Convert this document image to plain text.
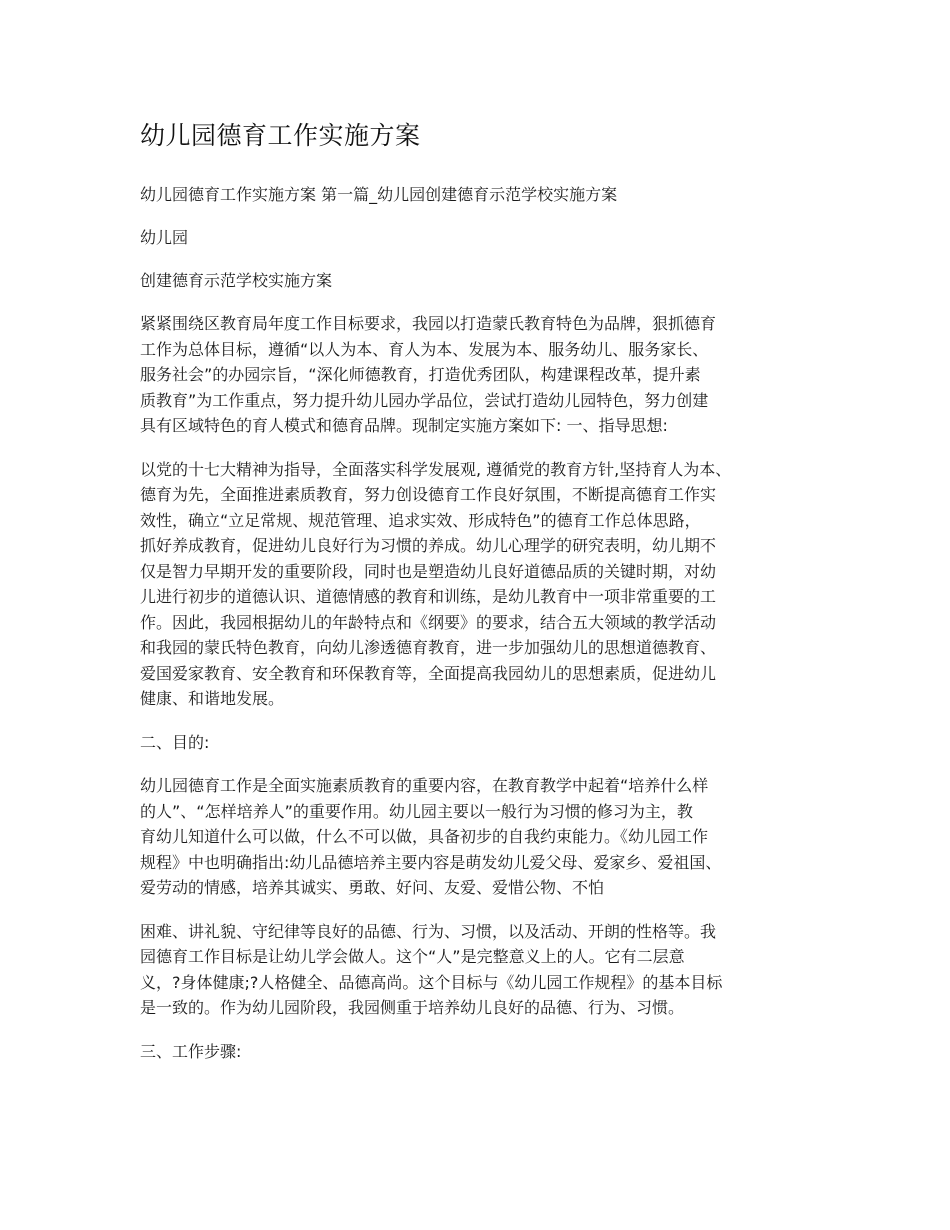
幼儿园德育工作实施方案
幼儿园德育工作实施方案 第一篇_幼儿园创建德育示范学校实施方案
幼儿园
创建德育示范学校实施方案
紧紧围绕区教育局年度工作目标要求，我园以打造蒙氏教育特色为品牌，狠抓德育
工作为总体目标，遵循“以人为本、育人为本、发展为本、服务幼儿、服务家长、
服务社会”的办园宗旨，“深化师德教育，打造优秀团队，构建课程改革，提升素
质教育”为工作重点，努力提升幼儿园办学品位，尝试打造幼儿园特色，努力创建
具有区域特色的育人模式和德育品牌。现制定实施方案如下: 一、指导思想:
以党的十七大精神为指导，全面落实科学发展观, 遵循党的教育方针,坚持育人为本、
德育为先，全面推进素质教育，努力创设德育工作良好氛围，不断提高德育工作实
效性，确立“立足常规、规范管理、追求实效、形成特色”的德育工作总体思路，
抓好养成教育，促进幼儿良好行为习惯的养成。幼儿心理学的研究表明，幼儿期不
仅是智力早期开发的重要阶段，同时也是塑造幼儿良好道德品质的关键时期，对幼
儿进行初步的道德认识、道德情感的教育和训练，是幼儿教育中一项非常重要的工
作。因此，我园根据幼儿的年龄特点和《纲要》的要求，结合五大领域的教学活动
和我园的蒙氏特色教育，向幼儿渗透德育教育，进一步加强幼儿的思想道德教育、
爱国爱家教育、安全教育和环保教育等，全面提高我园幼儿的思想素质，促进幼儿
健康、和谐地发展。
二、目的:
幼儿园德育工作是全面实施素质教育的重要内容，在教育教学中起着“培养什么样
的人”、“怎样培养人”的重要作用。幼儿园主要以一般行为习惯的修习为主，教
育幼儿知道什么可以做，什么不可以做，具备初步的自我约束能力。《幼儿园工作
规程》中也明确指出:幼儿品德培养主要内容是萌发幼儿爱父母、爱家乡、爱祖国、
爱劳动的情感，培养其诚实、勇敢、好问、友爱、爱惜公物、不怕
困难、讲礼貌、守纪律等良好的品德、行为、习惯，以及活动、开朗的性格等。我
园德育工作目标是让幼儿学会做人。这个“人”是完整意义上的人。它有二层意
义，?身体健康;?人格健全、品德高尚。这个目标与《幼儿园工作规程》的基本目标
是一致的。作为幼儿园阶段，我园侧重于培养幼儿良好的品德、行为、习惯。
三、工作步骤:
